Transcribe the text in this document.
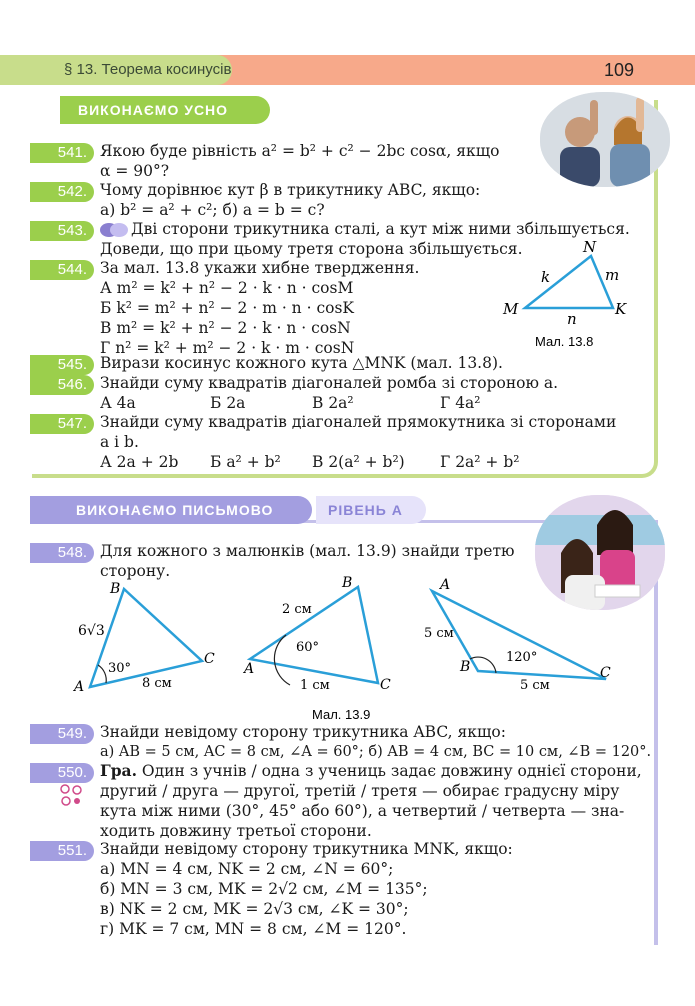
§ 13. Теорема косинусів	109
ВИКОНАЄМО УСНО
541. Якою буде рівність a² = b² + c² − 2bc cosα, якщо
α = 90°?
542. Чому дорівнює кут β в трикутнику ABC, якщо:
а) b² = a² + c²; б) a = b = c?
543.	Дві сторони трикутника сталі, а кут між ними збільшується.
Доведи, що при цьому третя сторона збільшується.
544. За мал. 13.8 укажи хибне твердження.
А m² = k² + n² − 2 · k · n · cosM
Б k² = m² + n² − 2 · m · n · cosK
В m² = k² + n² − 2 · k · n · cosN
Г n² = k² + m² − 2 · k · m · cosN
M
N
K
k	m
n
Мал. 13.8
545. Вирази косинус кожного кута △MNK (мал. 13.8).
546. Знайди суму квадратів діагоналей ромба зі стороною a.
А 4a	Б 2a	В 2a²	Г 4a²
547. Знайди суму квадратів діагоналей прямокутника зі сторонами
a і b.
А 2a + 2b Б a² + b² В 2(a² + b²) Г 2a² + b²
ВИКОНАЄМО ПИСЬМОВО	РІВЕНЬ А
548. Для кожного з малюнків (мал. 13.9) знайди третю
сторону.
A
B
C
6√3
8 см
30°	A
B
C
2 см
1 см
60°
A
B	C
5 см
5 см
120°
Мал. 13.9
549. Знайди невідому сторону трикутника ABC, якщо:
а) AB = 5 см, AC = 8 см, ∠A = 60°; б) AB = 4 см, BC = 10 см, ∠B = 120°.
550. Гра. Один з учнів / одна з учениць задає довжину однієї сторони,
другий / друга — другої, третій / третя — обирає градусну міру
кута між ними (30°, 45° або 60°), а четвертий / четверта — зна-
ходить довжину третьої сторони.
551. Знайди невідому сторону трикутника MNK, якщо:
а) MN = 4 см, NK = 2 см, ∠N = 60°;
б) MN = 3 см, MK = 2√2 см, ∠M = 135°;
в) NK = 2 см, MK = 2√3 см, ∠K = 30°;
г) MK = 7 см, MN = 8 см, ∠M = 120°.
